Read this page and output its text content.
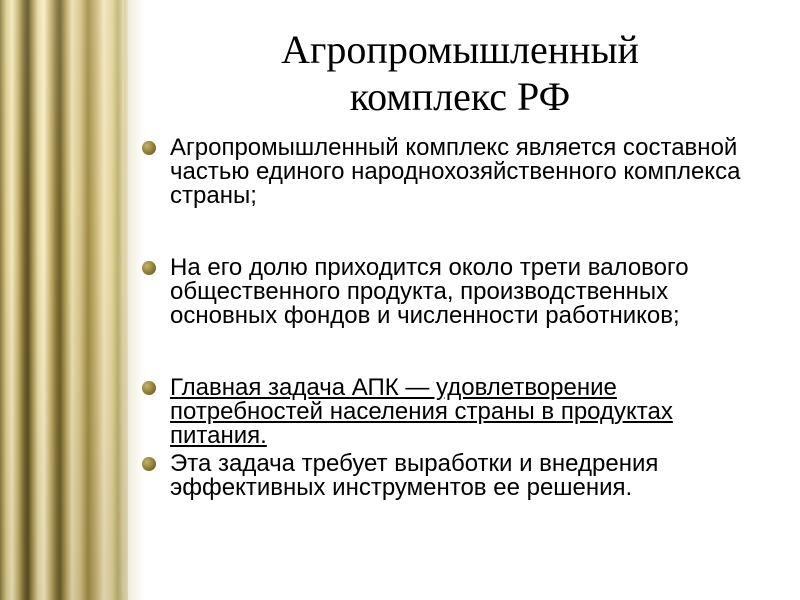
Агропромышленный
комплекс РФ
Агропромышленный комплекс является составной частью единого народнохозяйственного комплекса страны;
На его долю приходится около трети валового общественного продукта, производственных основных фондов и численности работников;
Главная задача АПК — удовлетворение потребностей населения страны в продуктах питания.
Эта задача требует выработки и внедрения эффективных инструментов ее решения.
